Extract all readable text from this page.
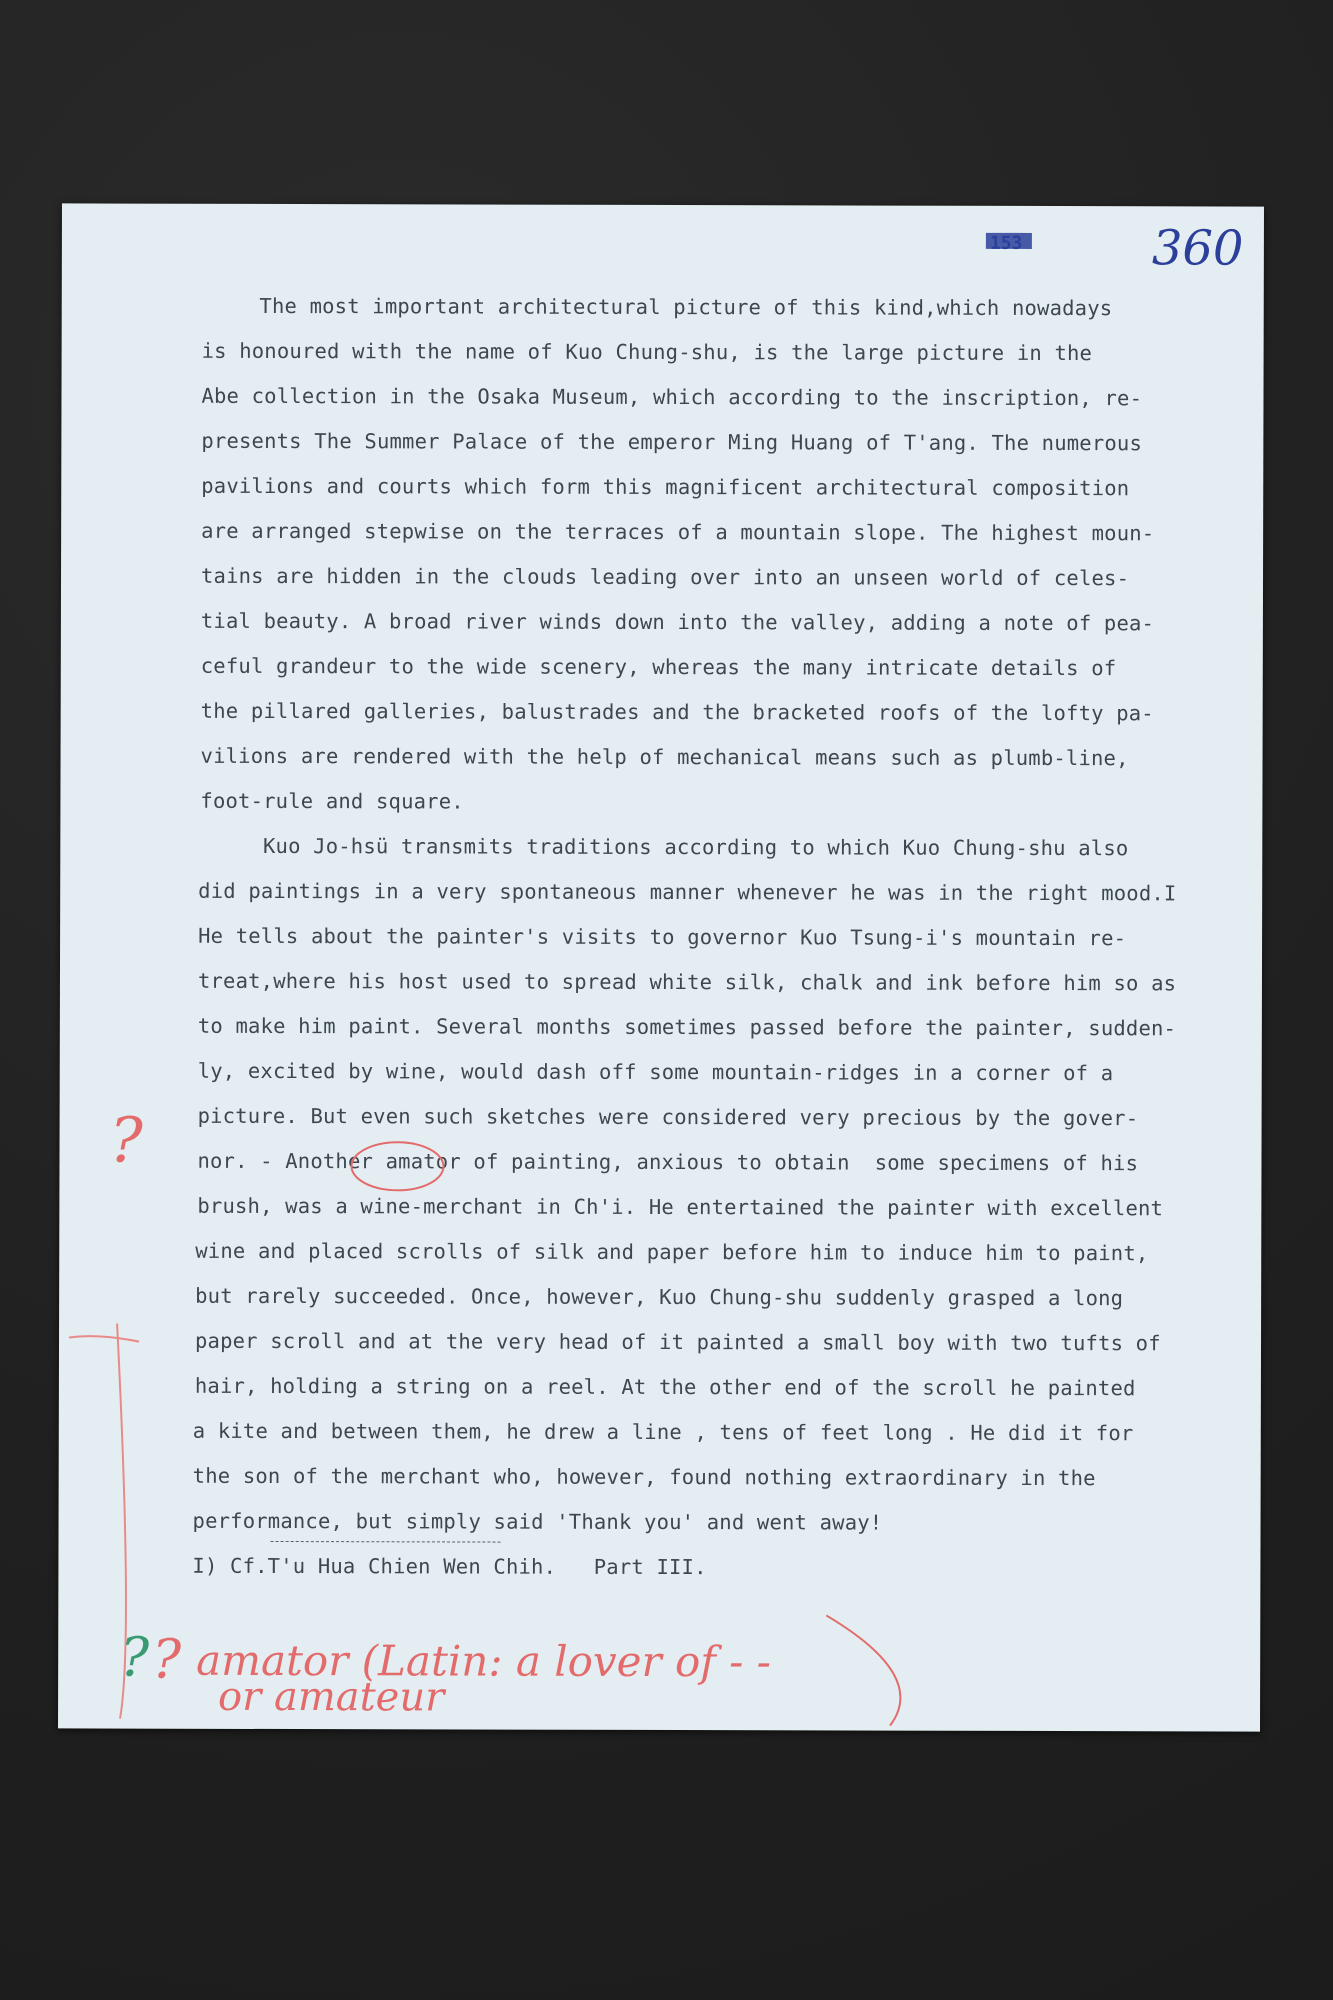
360
The most important architectural picture of this kind,which nowadays
is honoured with the name of Kuo Chung-shu, is the large picture in the
Abe collection in the Osaka Museum, which according to the inscription, re-
presents The Summer Palace of the emperor Ming Huang of T'ang. The numerous
pavilions and courts which form this magnificent architectural composition
are arranged stepwise on the terraces of a mountain slope. The highest moun-
tains are hidden in the clouds leading over into an unseen world of celes-
tial beauty. A broad river winds down into the valley, adding a note of pea-
ceful grandeur to the wide scenery, whereas the many intricate details of
the pillared galleries, balustrades and the bracketed roofs of the lofty pa-
vilions are rendered with the help of mechanical means such as plumb-line,
foot-rule and square.
Kuo Jo-hsü transmits traditions according to which Kuo Chung-shu also
did paintings in a very spontaneous manner whenever he was in the right mood.I
He tells about the painter's visits to governor Kuo Tsung-i's mountain re-
treat,where his host used to spread white silk, chalk and ink before him so as
to make him paint. Several months sometimes passed before the painter, sudden-
ly, excited by wine, would dash off some mountain-ridges in a corner of a
picture. But even such sketches were considered very precious by the gover-
nor. - Another amator of painting, anxious to obtain  some specimens of his
brush, was a wine-merchant in Ch'i. He entertained the painter with excellent
wine and placed scrolls of silk and paper before him to induce him to paint,
but rarely succeeded. Once, however, Kuo Chung-shu suddenly grasped a long
paper scroll and at the very head of it painted a small boy with two tufts of
hair, holding a string on a reel. At the other end of the scroll he painted
a kite and between them, he drew a line , tens of feet long . He did it for
the son of the merchant who, however, found nothing extraordinary in the
performance, but simply said 'Thank you' and went away!
I) Cf.T'u Hua Chien Wen Chih.   Part III.
?
? ? amator (Latin: a lover of - -
or amateur
